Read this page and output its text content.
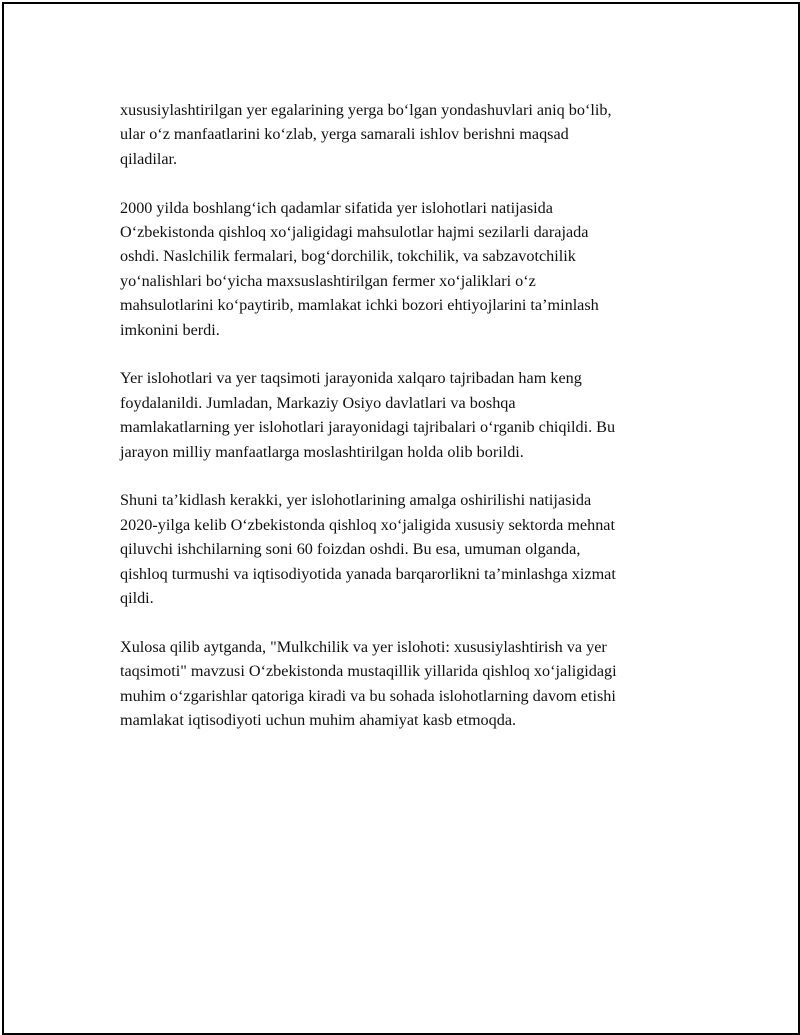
xususiylashtirilgan yer egalarining yerga bo‘lgan yondashuvlari aniq bo‘lib,
ular o‘z manfaatlarini ko‘zlab, yerga samarali ishlov berishni maqsad
qiladilar.

2000 yilda boshlang‘ich qadamlar sifatida yer islohotlari natijasida
O‘zbekistonda qishloq xo‘jaligidagi mahsulotlar hajmi sezilarli darajada
oshdi. Naslchilik fermalari, bog‘dorchilik, tokchilik, va sabzavotchilik
yo‘nalishlari bo‘yicha maxsuslashtirilgan fermer xo‘jaliklari o‘z
mahsulotlarini ko‘paytirib, mamlakat ichki bozori ehtiyojlarini ta’minlash
imkonini berdi.

Yer islohotlari va yer taqsimoti jarayonida xalqaro tajribadan ham keng
foydalanildi. Jumladan, Markaziy Osiyo davlatlari va boshqa
mamlakatlarning yer islohotlari jarayonidagi tajribalari o‘rganib chiqildi. Bu
jarayon milliy manfaatlarga moslashtirilgan holda olib borildi.

Shuni ta’kidlash kerakki, yer islohotlarining amalga oshirilishi natijasida
2020-yilga kelib O‘zbekistonda qishloq xo‘jaligida xususiy sektorda mehnat
qiluvchi ishchilarning soni 60 foizdan oshdi. Bu esa, umuman olganda,
qishloq turmushi va iqtisodiyotida yanada barqarorlikni ta’minlashga xizmat
qildi.

Xulosa qilib aytganda, "Mulkchilik va yer islohoti: xususiylashtirish va yer
taqsimoti" mavzusi O‘zbekistonda mustaqillik yillarida qishloq xo‘jaligidagi
muhim o‘zgarishlar qatoriga kiradi va bu sohada islohotlarning davom etishi
mamlakat iqtisodiyoti uchun muhim ahamiyat kasb etmoqda.
